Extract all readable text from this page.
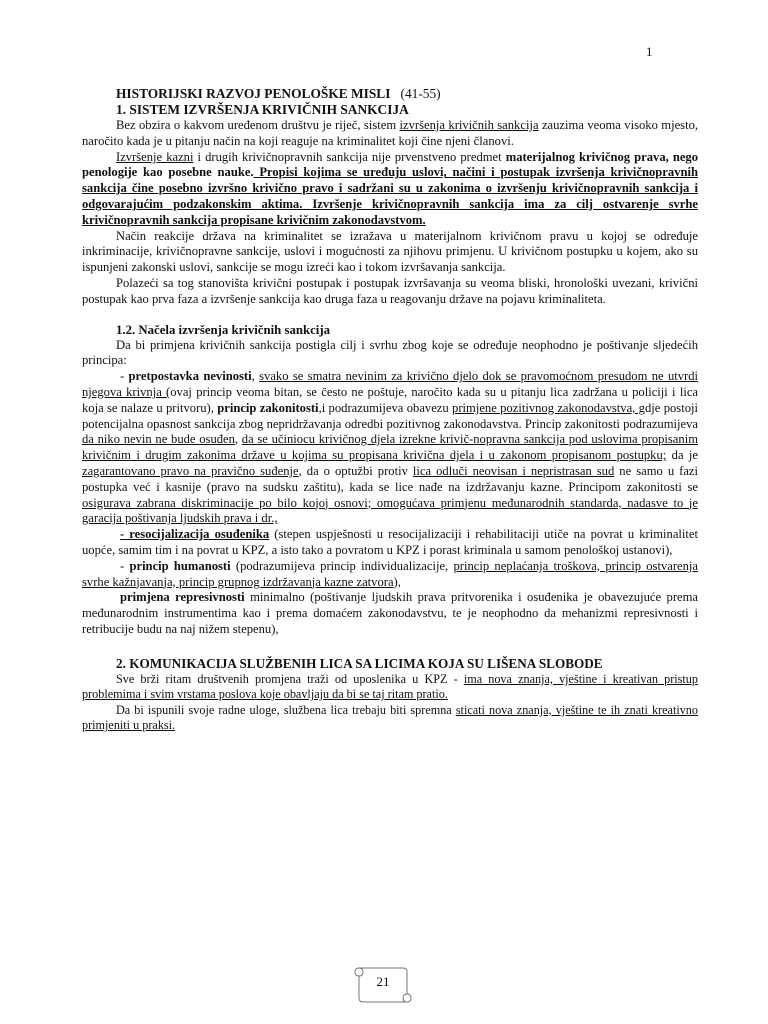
1
HISTORIJSKI RAZVOJ PENOLOŠKE MISLI (41-55)
1. SISTEM IZVRŠENJA KRIVIČNIH SANKCIJA

Bez obzira o kakvom uređenom društvu je riječ, sistem izvršenja krivičnih sankcija zauzima veoma visoko mjesto, naročito kada je u pitanju način na koji reaguje na kriminalitet koji čine njeni članovi.

Izvršenje kazni i drugih krivičnopravnih sankcija nije prvenstveno predmet materijalnog krivičnog prava, nego penologije kao posebne nauke. Propisi kojima se uređuju uslovi, načini i postupak izvršenja krivičnopravnih sankcija čine posebno izvršno krivično pravo i sadržani su u zakonima o izvršenju krivičnopravnih sankcija i odgovarajućim podzakonskim aktima. Izvršenje krivičnopravnih sankcija ima za cilj ostvarenje svrhe krivičnopravnih sankcija propisane krivičnim zakonodavstvom.

Način reakcije država na kriminalitet se izražava u materijalnom krivičnom pravu u kojoj se određuje inkriminacije, krivičnopravne sankcije, uslovi i mogućnosti za njihovu primjenu. U krivičnom postupku u kojem, ako su ispunjeni zakonski uslovi, sankcije se mogu izreći kao i tokom izvršavanja sankcija.

Polazeći sa tog stanovišta krivični postupak i postupak izvršavanja su veoma bliski, hronološki uvezani, krivični postupak kao prva faza a izvršenje sankcija kao druga faza u reagovanju države na pojavu kriminaliteta.

1.2. Načela izvršenja krivičnih sankcija

Da bi primjena krivičnih sankcija postigla cilj i svrhu zbog koje se određuje neophodno je poštivanje sljedećih principa:

- pretpostavka nevinosti, svako se smatra nevinim za krivično djelo dok se pravomoćnom presudom ne utvrdi njegova krivnja (ovaj princip veoma bitan, se često ne poštuje, naročito kada su u pitanju lica zadržana u policiji i lica koja se nalaze u pritvoru), princip zakonitosti,i podrazumijeva obavezu primjene pozitivnog zakonodavstva, gdje postoji potencijalna opasnost sankcija zbog nepridržavanja odredbi pozitivnog zakonodavstva. Princip zakonitosti podrazumijeva da niko nevin ne bude osuđen, da se učiniocu krivičnog djela izrekne krivič-nopravna sankcija pod uslovima propisanim krivičnim i drugim zakonima države u kojima su propisana krivična djela i u zakonom propisanom postupku; da je zagarantovano pravo na pravično suđenje, da o optužbi protiv lica odluči neovisan i nepristrasan sud ne samo u fazi postupka već i kasnije (pravo na sudsku zaštitu), kada se lice nađe na izdržavanju kazne. Principom zakonitosti se osigurava zabrana diskriminacije po bilo kojoj osnovi; omogućava primjenu međunarodnih standarda, nadasve to je garacija poštivanja ljudskih prava i dr.,

- resocijalizacija osuđenika (stepen uspješnosti u resocijalizaciji i rehabilitaciji utiče na povrat u kriminalitet uopće, samim tim i na povrat u KPZ, a isto tako a povratom u KPZ i porast kriminala u samom penološkoj ustanovi),

- princip humanosti (podrazumijeva princip individualizacije, princip neplaćanja troškova, princip ostvarenja svrhe kažnjavanja, princip grupnog izdržavanja kazne zatvora),

primjena represivnosti minimalno (poštivanje ljudskih prava pritvorenika i osuđenika je obavezujuće prema međunarodnim instrumentima kao i prema domaćem zakonodavstvu, te je neophodno da mehanizmi represivnosti i retribucije budu na naj nižem stepenu),

2. KOMUNIKACIJA SLUŽBENIH LICA SA LICIMA KOJA SU LIŠENA SLOBODE

Sve brži ritam društvenih promjena traži od uposlenika u KPZ - ima nova znanja, vještine i kreativan pristup problemima i svim vrstama poslova koje obavljaju da bi se taj ritam pratio.

Da bi ispunili svoje radne uloge, službena lica trebaju biti spremna sticati nova znanja, vještine te ih znati kreativno primjeniti u praksi.

21
